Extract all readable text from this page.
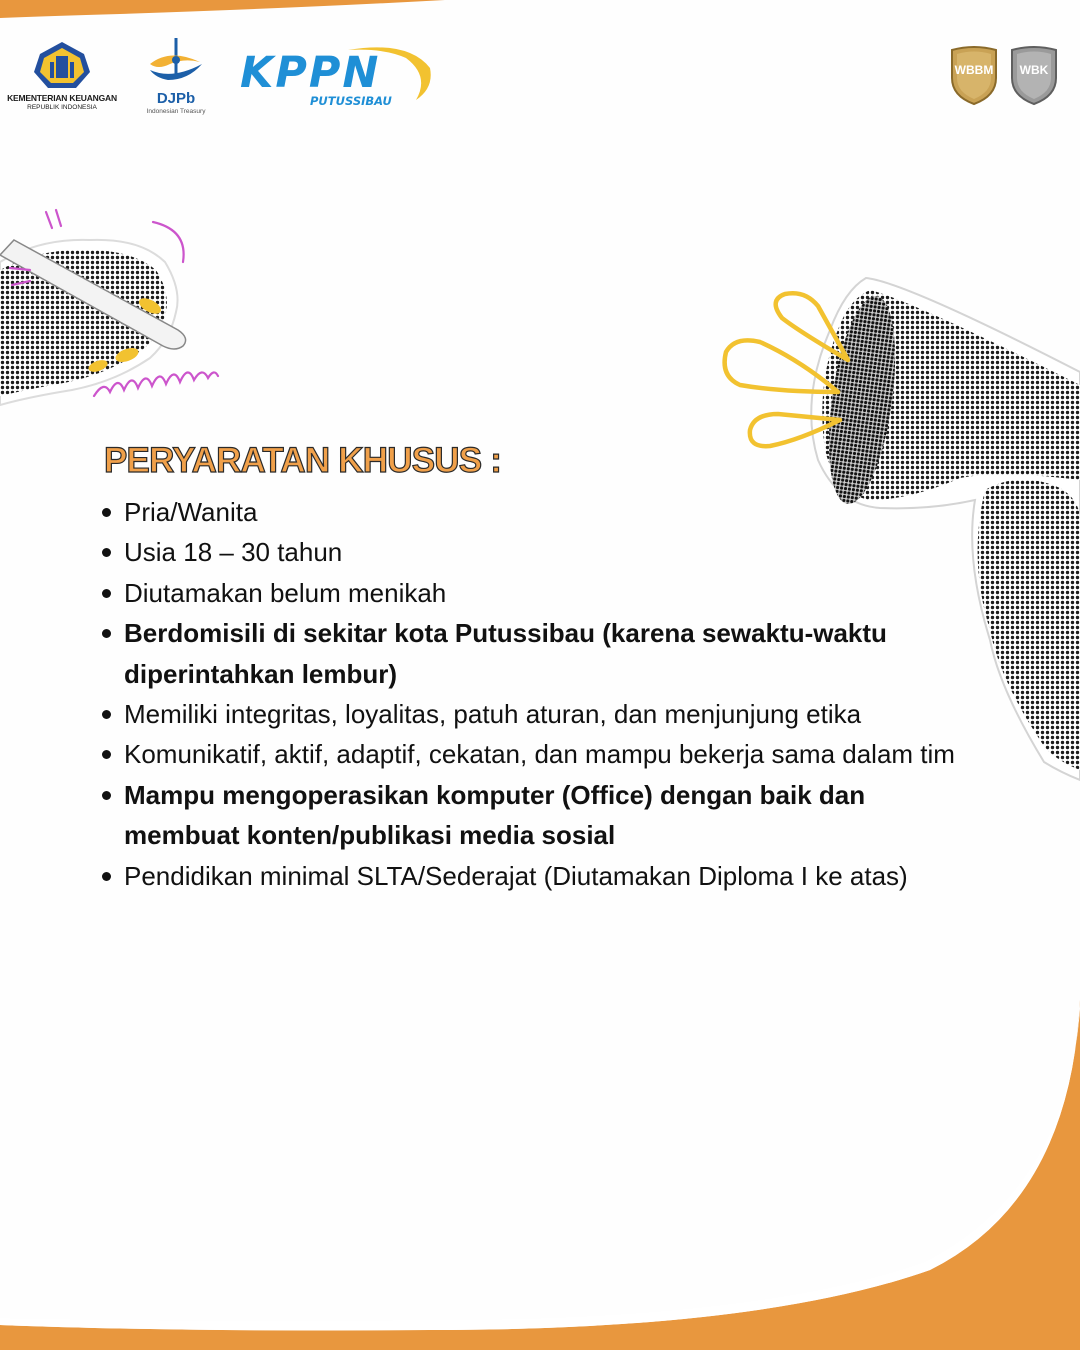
KEMENTERIAN KEUANGAN
REPUBLIK INDONESIA
DJPb
Indonesian Treasury
KPPN
PUTUSSIBAU
WBBM	WBK
PERYARATAN KHUSUS :
Pria/Wanita
Usia 18 – 30 tahun
Diutamakan belum menikah
Berdomisili di sekitar kota Putussibau (karena sewaktu-waktu diperintahkan lembur)
Memiliki integritas, loyalitas, patuh aturan, dan menjunjung etika
Komunikatif, aktif, adaptif, cekatan, dan mampu bekerja sama dalam tim
Mampu mengoperasikan komputer (Office) dengan baik dan membuat konten/publikasi media sosial
Pendidikan minimal SLTA/Sederajat (Diutamakan Diploma I ke atas)
